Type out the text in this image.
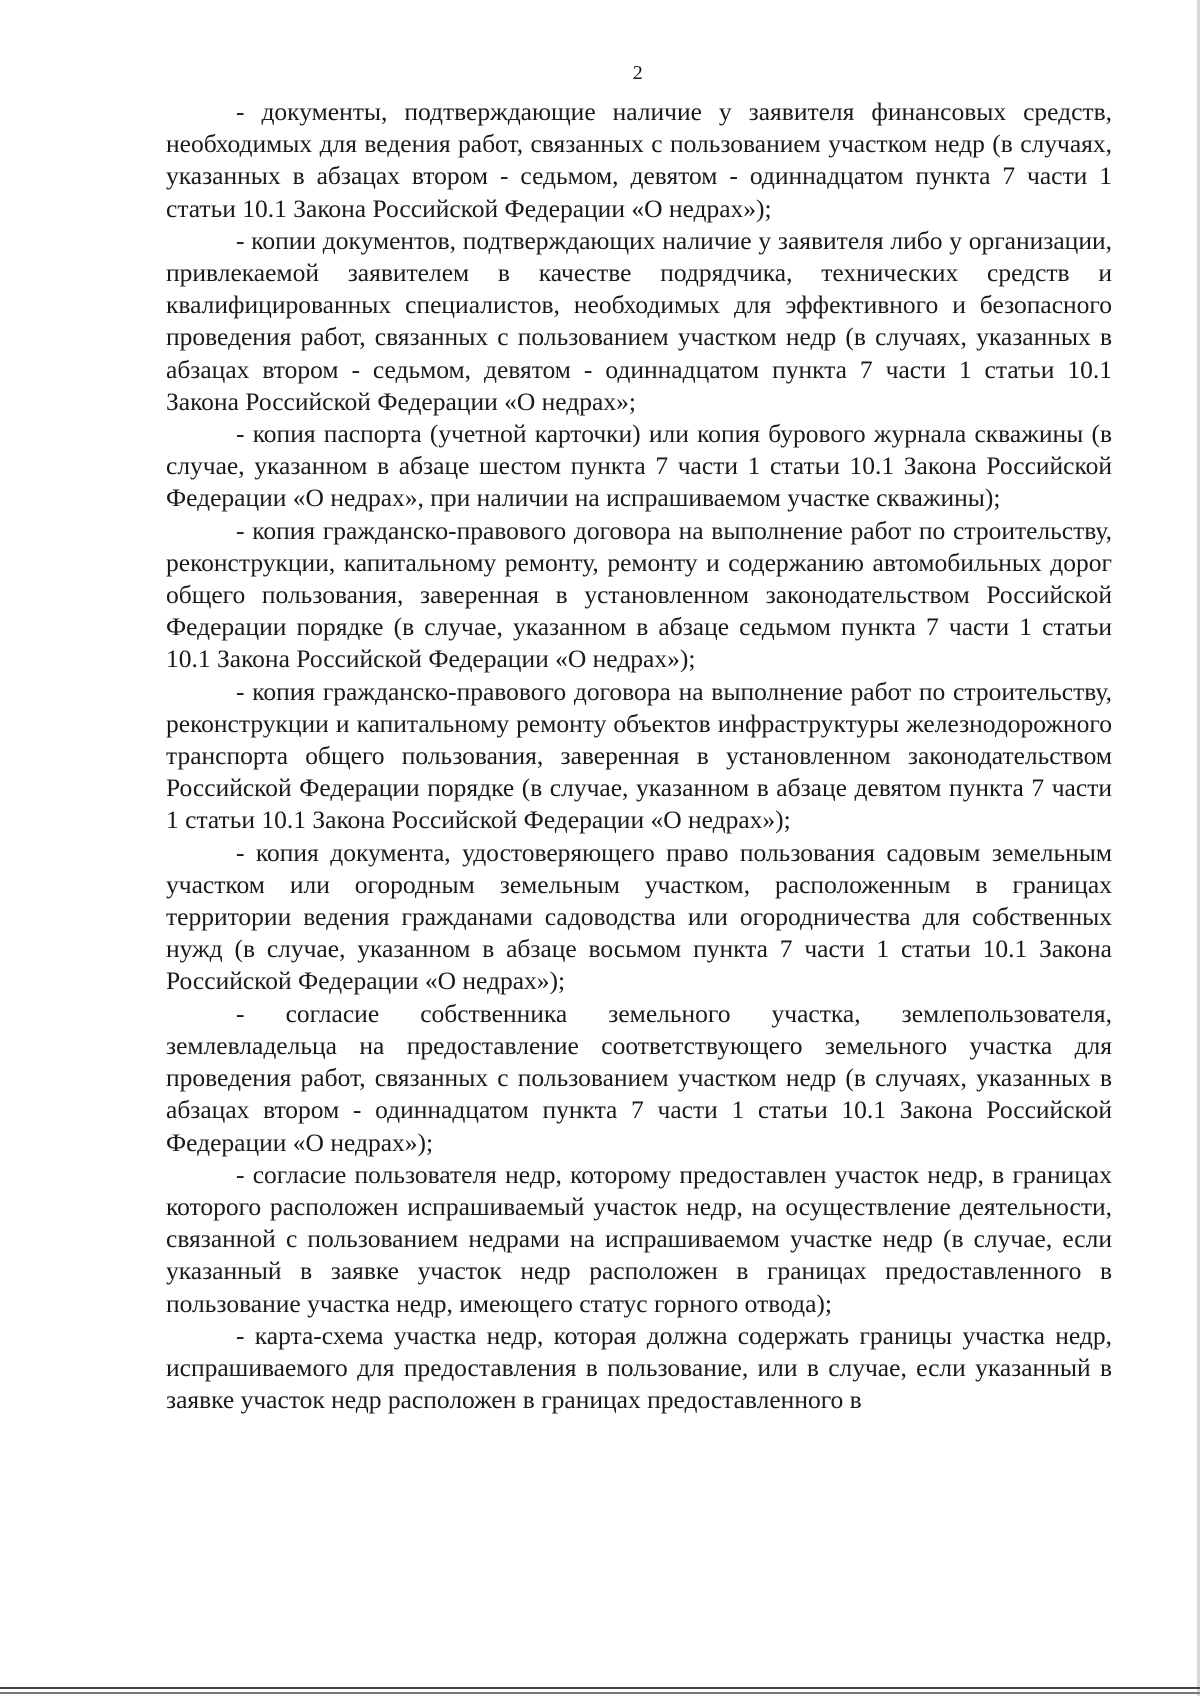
2

- документы, подтверждающие наличие у заявителя финансовых средств, необходимых для ведения работ, связанных с пользованием участком недр (в случаях, указанных в абзацах втором - седьмом, девятом - одиннадцатом пункта 7 части 1 статьи 10.1 Закона Российской Федерации «О недрах»);

- копии документов, подтверждающих наличие у заявителя либо у организации, привлекаемой заявителем в качестве подрядчика, технических средств и квалифицированных специалистов, необходимых для эффективного и безопасного проведения работ, связанных с пользованием участком недр (в случаях, указанных в абзацах втором - седьмом, девятом - одиннадцатом пункта 7 части 1 статьи 10.1 Закона Российской Федерации «О недрах»;

- копия паспорта (учетной карточки) или копия бурового журнала скважины (в случае, указанном в абзаце шестом пункта 7 части 1 статьи 10.1 Закона Российской Федерации «О недрах», при наличии на испрашиваемом участке скважины);

- копия гражданско-правового договора на выполнение работ по строительству, реконструкции, капитальному ремонту, ремонту и содержанию автомобильных дорог общего пользования, заверенная в установленном законодательством Российской Федерации порядке (в случае, указанном в абзаце седьмом пункта 7 части 1 статьи 10.1 Закона Российской Федерации «О недрах»);

- копия гражданско-правового договора на выполнение работ по строительству, реконструкции и капитальному ремонту объектов инфраструктуры железнодорожного транспорта общего пользования, заверенная в установленном законодательством Российской Федерации порядке (в случае, указанном в абзаце девятом пункта 7 части 1 статьи 10.1 Закона Российской Федерации «О недрах»);

- копия документа, удостоверяющего право пользования садовым земельным участком или огородным земельным участком, расположенным в границах территории ведения гражданами садоводства или огородничества для собственных нужд (в случае, указанном в абзаце восьмом пункта 7 части 1 статьи 10.1 Закона Российской Федерации «О недрах»);

- согласие собственника земельного участка, землепользователя, землевладельца на предоставление соответствующего земельного участка для проведения работ, связанных с пользованием участком недр (в случаях, указанных в абзацах втором - одиннадцатом пункта 7 части 1 статьи 10.1 Закона Российской Федерации «О недрах»);

- согласие пользователя недр, которому предоставлен участок недр, в границах которого расположен испрашиваемый участок недр, на осуществление деятельности, связанной с пользованием недрами на испрашиваемом участке недр (в случае, если указанный в заявке участок недр расположен в границах предоставленного в пользование участка недр, имеющего статус горного отвода);

- карта-схема участка недр, которая должна содержать границы участка недр, испрашиваемого для предоставления в пользование, или в случае, если указанный в заявке участок недр расположен в границах предоставленного в
